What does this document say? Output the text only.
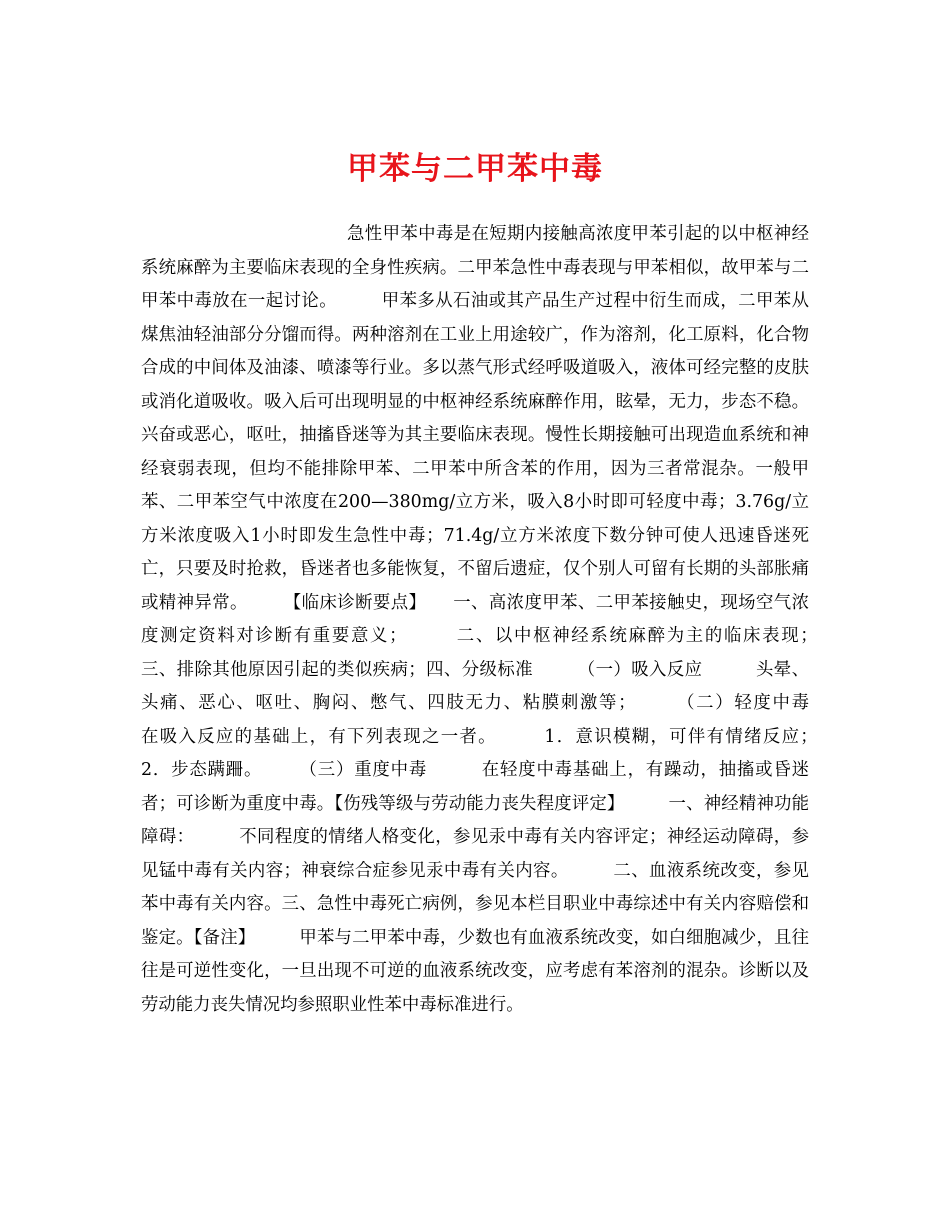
甲苯与二甲苯中毒

急性甲苯中毒是在短期内接触高浓度甲苯引起的以中枢神经系统麻醉为主要临床表现的全身性疾病。二甲苯急性中毒表现与甲苯相似，故甲苯与二甲苯中毒放在一起讨论。　　　甲苯多从石油或其产品生产过程中衍生而成，二甲苯从煤焦油轻油部分分馏而得。两种溶剂在工业上用途较广，作为溶剂，化工原料，化合物合成的中间体及油漆、喷漆等行业。多以蒸气形式经呼吸道吸入，液体可经完整的皮肤或消化道吸收。吸入后可出现明显的中枢神经系统麻醉作用，眩晕，无力，步态不稳。兴奋或恶心，呕吐，抽搐昏迷等为其主要临床表现。慢性长期接触可出现造血系统和神经衰弱表现，但均不能排除甲苯、二甲苯中所含苯的作用，因为三者常混杂。一般甲苯、二甲苯空气中浓度在200—380mg/立方米，吸入8小时即可轻度中毒；3.76g/立方米浓度吸入1小时即发生急性中毒；71.4g/立方米浓度下数分钟可使人迅速昏迷死亡，只要及时抢救，昏迷者也多能恢复，不留后遗症，仅个别人可留有长期的头部胀痛或精神异常。　　　【临床诊断要点】　　一、高浓度甲苯、二甲苯接触史，现场空气浓度测定资料对诊断有重要意义；　　　二、以中枢神经系统麻醉为主的临床表现；　　　三、排除其他原因引起的类似疾病；四、分级标准　　　（一）吸入反应　　　头晕、头痛、恶心、呕吐、胸闷、憋气、四肢无力、粘膜刺激等；　　　（二）轻度中毒　　　在吸入反应的基础上，有下列表现之一者。　　　1．意识模糊，可伴有情绪反应；　　　2．步态蹒跚。　　　（三）重度中毒　　　在轻度中毒基础上，有躁动，抽搐或昏迷者；可诊断为重度中毒。【伤残等级与劳动能力丧失程度评定】　　　一、神经精神功能障碍：　　　不同程度的情绪人格变化，参见汞中毒有关内容评定；神经运动障碍，参见锰中毒有关内容；神衰综合症参见汞中毒有关内容。　　　二、血液系统改变，参见苯中毒有关内容。三、急性中毒死亡病例，参见本栏目职业中毒综述中有关内容赔偿和鉴定。【备注】　　　甲苯与二甲苯中毒，少数也有血液系统改变，如白细胞减少，且往往是可逆性变化，一旦出现不可逆的血液系统改变，应考虑有苯溶剂的混杂。诊断以及劳动能力丧失情况均参照职业性苯中毒标准进行。
